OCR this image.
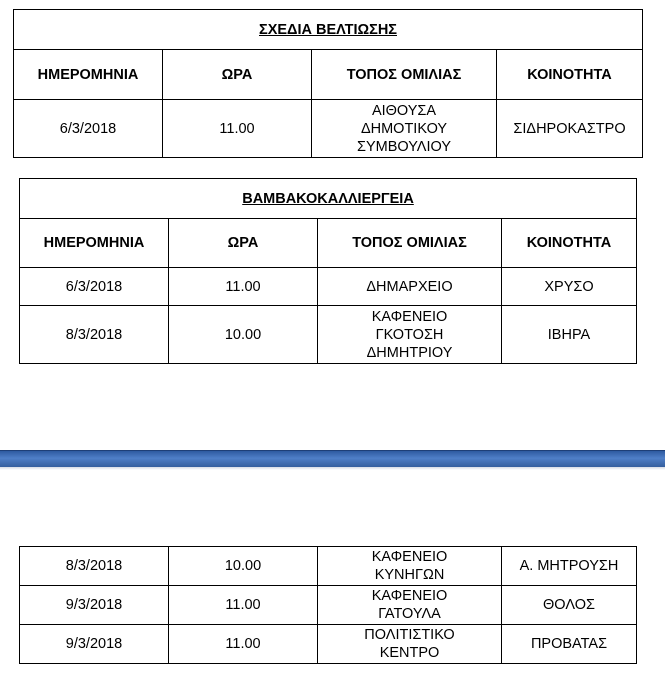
ΣΧΕΔΙΑ ΒΕΛΤΙΩΣΗΣ			
ΗΜΕΡΟΜΗΝΙΑ	ΩΡΑ	ΤΟΠΟΣ ΟΜΙΛΙΑΣ	ΚΟΙΝΟΤΗΤΑ
6/3/2018	11.00	ΑΙΘΟΥΣΑ
ΔΗΜΟΤΙΚΟΥ
ΣΥΜΒΟΥΛΙΟΥ	ΣΙΔΗΡΟΚΑΣΤΡΟ
ΒΑΜΒΑΚΟΚΑΛΛΙΕΡΓΕΙΑ			
ΗΜΕΡΟΜΗΝΙΑ	ΩΡΑ	ΤΟΠΟΣ ΟΜΙΛΙΑΣ	ΚΟΙΝΟΤΗΤΑ
6/3/2018	11.00	ΔΗΜΑΡΧΕΙΟ	ΧΡΥΣΟ
8/3/2018	10.00	ΚΑΦΕΝΕΙΟ
ΓΚΟΤΟΣΗ
ΔΗΜΗΤΡΙΟΥ	ΙΒΗΡΑ
8/3/2018	10.00	ΚΑΦΕΝΕΙΟ
ΚΥΝΗΓΩΝ	Α. ΜΗΤΡΟΥΣΗ
9/3/2018	11.00	ΚΑΦΕΝΕΙΟ
ΓΑΤΟΥΛΑ	ΘΟΛΟΣ
9/3/2018	11.00	ΠΟΛΙΤΙΣΤΙΚΟ
ΚΕΝΤΡΟ	ΠΡΟΒΑΤΑΣ
